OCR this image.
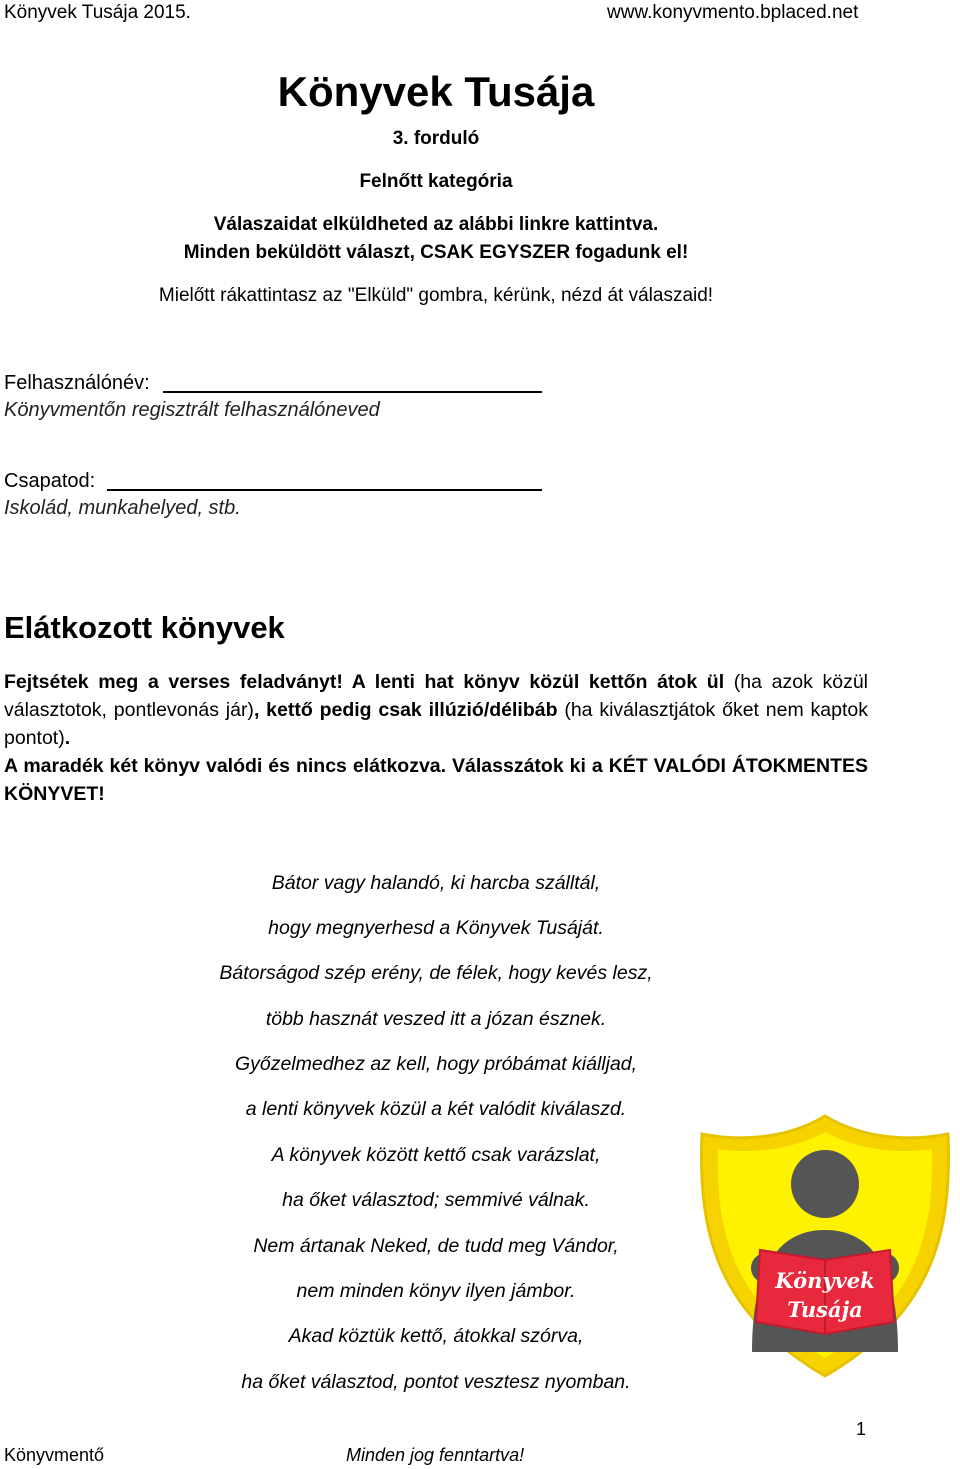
Könyvek Tusája 2015.	www.konyvmento.bplaced.net
Könyvek Tusája
3. forduló
Felnőtt kategória
Válaszaidat elküldheted az alábbi linkre kattintva.
Minden beküldött választ, CSAK EGYSZER fogadunk el!
Mielőtt rákattintasz az "Elküld" gombra, kérünk, nézd át válaszaid!
Felhasználónév:
Könyvmentőn regisztrált felhasználóneved
Csapatod:
Iskolád, munkahelyed, stb.
Elátkozott könyvek
Fejtsétek meg a verses feladványt! A lenti hat könyv közül kettőn átok ül (ha azok közül választotok, pontlevonás jár), kettő pedig csak illúzió/délibáb (ha kiválasztjátok őket nem kaptok pontot).
A maradék két könyv valódi és nincs elátkozva. Válasszátok ki a KÉT VALÓDI ÁTOKMENTES KÖNYVET!
Bátor vagy halandó, ki harcba szálltál,
hogy megnyerhesd a Könyvek Tusáját.
Bátorságod szép erény, de félek, hogy kevés lesz,
több hasznát veszed itt a józan észnek.
Győzelmedhez az kell, hogy próbámat kiálljad,
a lenti könyvek közül a két valódit kiválaszd.
A könyvek között kettő csak varázslat,
ha őket választod; semmivé válnak.
Nem ártanak Neked, de tudd meg Vándor,
nem minden könyv ilyen jámbor.
Akad köztük kettő, átokkal szórva,
ha őket választod, pontot vesztesz nyomban.
Könyvek
Tusája
1
Könyvmentő	Minden jog fenntartva!
